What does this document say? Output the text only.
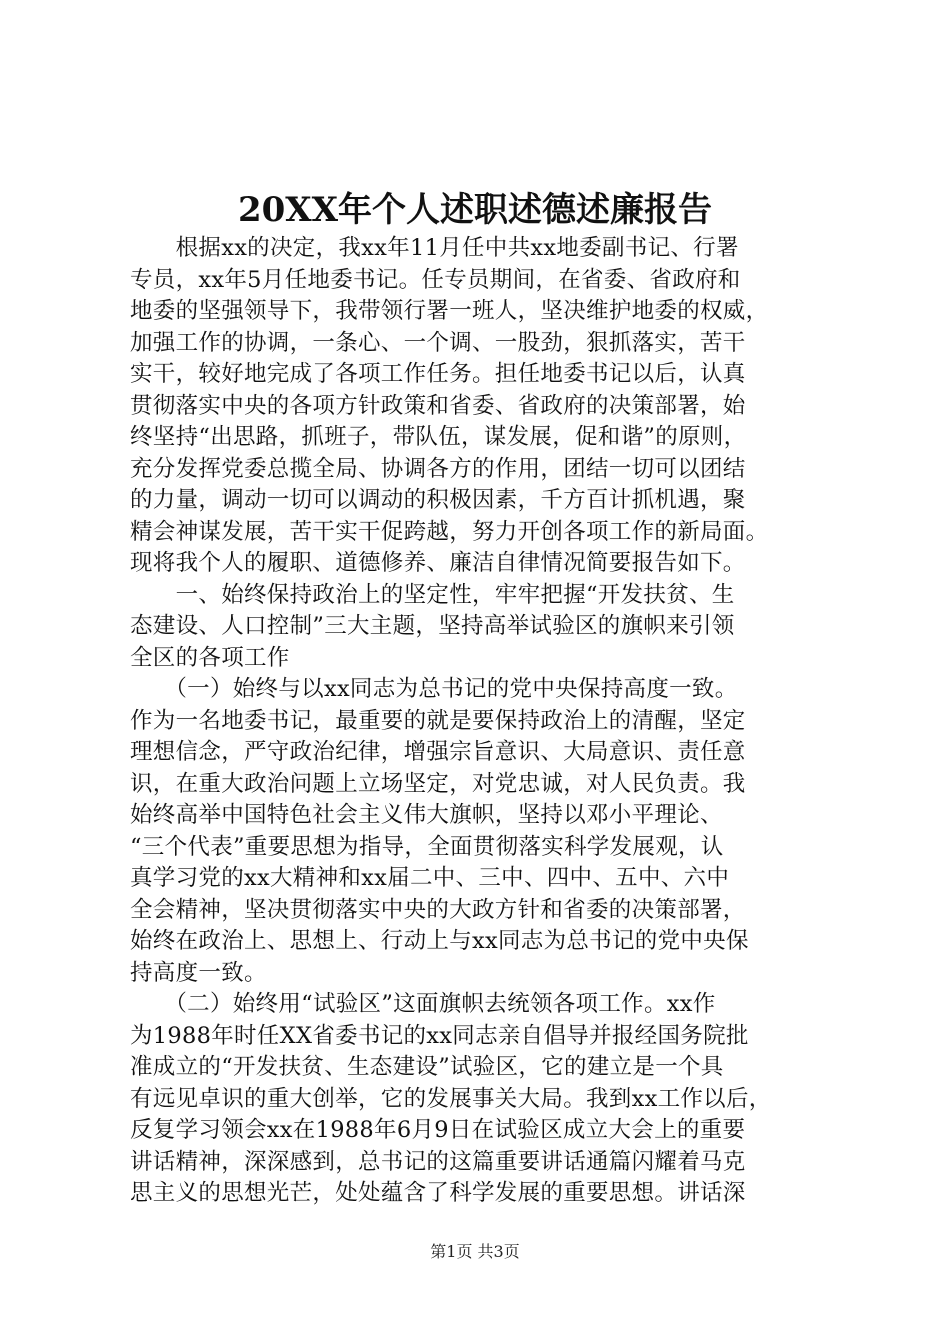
20XX年个人述职述德述廉报告
　　根据xx的决定，我xx年11月任中共xx地委副书记、行署
专员，xx年5月任地委书记。任专员期间，在省委、省政府和
地委的坚强领导下，我带领行署一班人，坚决维护地委的权威，
加强工作的协调，一条心、一个调、一股劲，狠抓落实，苦干
实干，较好地完成了各项工作任务。担任地委书记以后，认真
贯彻落实中央的各项方针政策和省委、省政府的决策部署，始
终坚持“出思路，抓班子，带队伍，谋发展，促和谐”的原则，
充分发挥党委总揽全局、协调各方的作用，团结一切可以团结
的力量，调动一切可以调动的积极因素，千方百计抓机遇，聚
精会神谋发展，苦干实干促跨越，努力开创各项工作的新局面。
现将我个人的履职、道德修养、廉洁自律情况简要报告如下。
　　一、始终保持政治上的坚定性，牢牢把握“开发扶贫、生
态建设、人口控制”三大主题，坚持高举试验区的旗帜来引领
全区的各项工作
　　（一）始终与以xx同志为总书记的党中央保持高度一致。
作为一名地委书记，最重要的就是要保持政治上的清醒，坚定
理想信念，严守政治纪律，增强宗旨意识、大局意识、责任意
识，在重大政治问题上立场坚定，对党忠诚，对人民负责。我
始终高举中国特色社会主义伟大旗帜，坚持以邓小平理论、
“三个代表”重要思想为指导，全面贯彻落实科学发展观，认
真学习党的xx大精神和xx届二中、三中、四中、五中、六中
全会精神，坚决贯彻落实中央的大政方针和省委的决策部署，
始终在政治上、思想上、行动上与xx同志为总书记的党中央保
持高度一致。
　　（二）始终用“试验区”这面旗帜去统领各项工作。xx作
为1988年时任XX省委书记的xx同志亲自倡导并报经国务院批
准成立的“开发扶贫、生态建设”试验区，它的建立是一个具
有远见卓识的重大创举，它的发展事关大局。我到xx工作以后，
反复学习领会xx在1988年6月9日在试验区成立大会上的重要
讲话精神，深深感到，总书记的这篇重要讲话通篇闪耀着马克
思主义的思想光芒，处处蕴含了科学发展的重要思想。讲话深
第1页 共3页
